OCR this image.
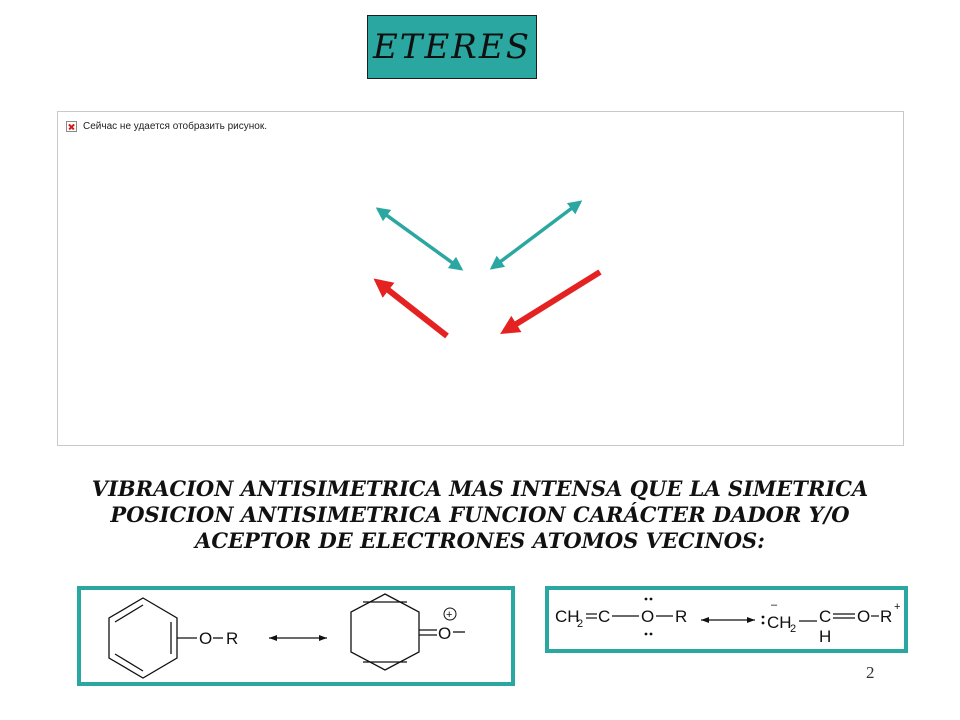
ETERES
Сейчас не удается отобразить рисунок.
VIBRACION ANTISIMETRICA MAS INTENSA QUE LA SIMETRICA
POSICION ANTISIMETRICA FUNCION CARÁCTER DADOR Y/O
ACEPTOR DE ELECTRONES ATOMOS VECINOS:
O R	O
+	CH
2 C O R
–
CH
2
C
H
O R +
2
